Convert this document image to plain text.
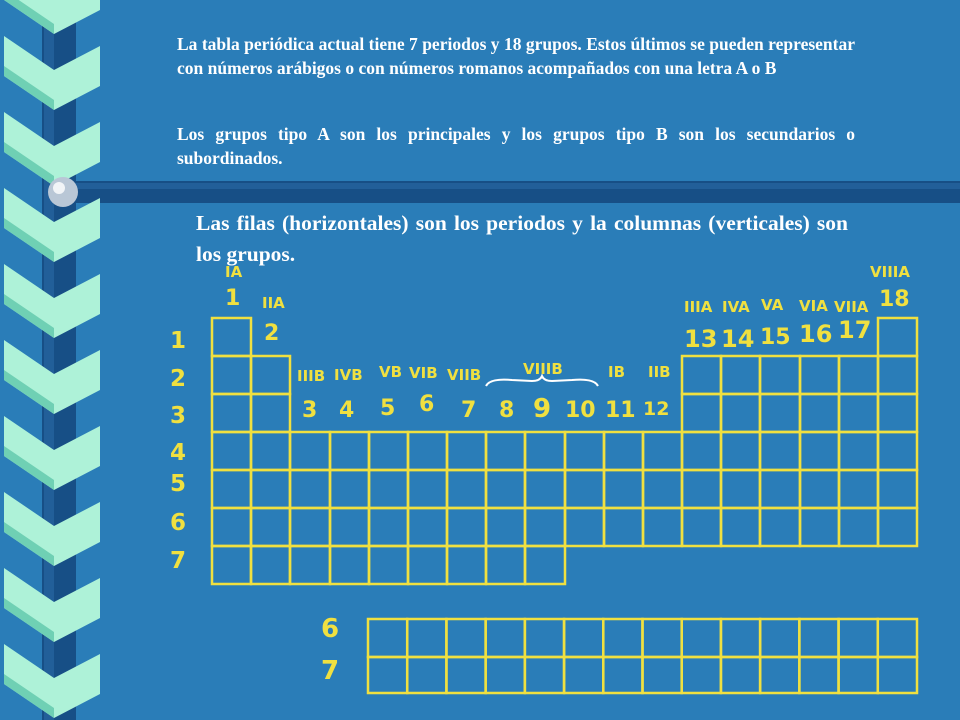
La tabla periódica actual tiene 7 periodos y 18 grupos. Estos últimos se pueden representar con números arábigos o con números romanos acompañados con una letra A o B

Los grupos tipo A son los principales y los grupos tipo B son los secundarios o subordinados.

Las filas (horizontales) son los periodos y la columnas (verticales) son los grupos.

IA
IIA
IIIB IVB VB VIB VIIB	VIIIB	IB IIB
IIIA IVA VA VIA VIIA
VIIIA
1
2
3 4 5 6 7 8 9 10 11 12
13 14 15 16 17
18
1
2
3
4
5
6
7
6
7
